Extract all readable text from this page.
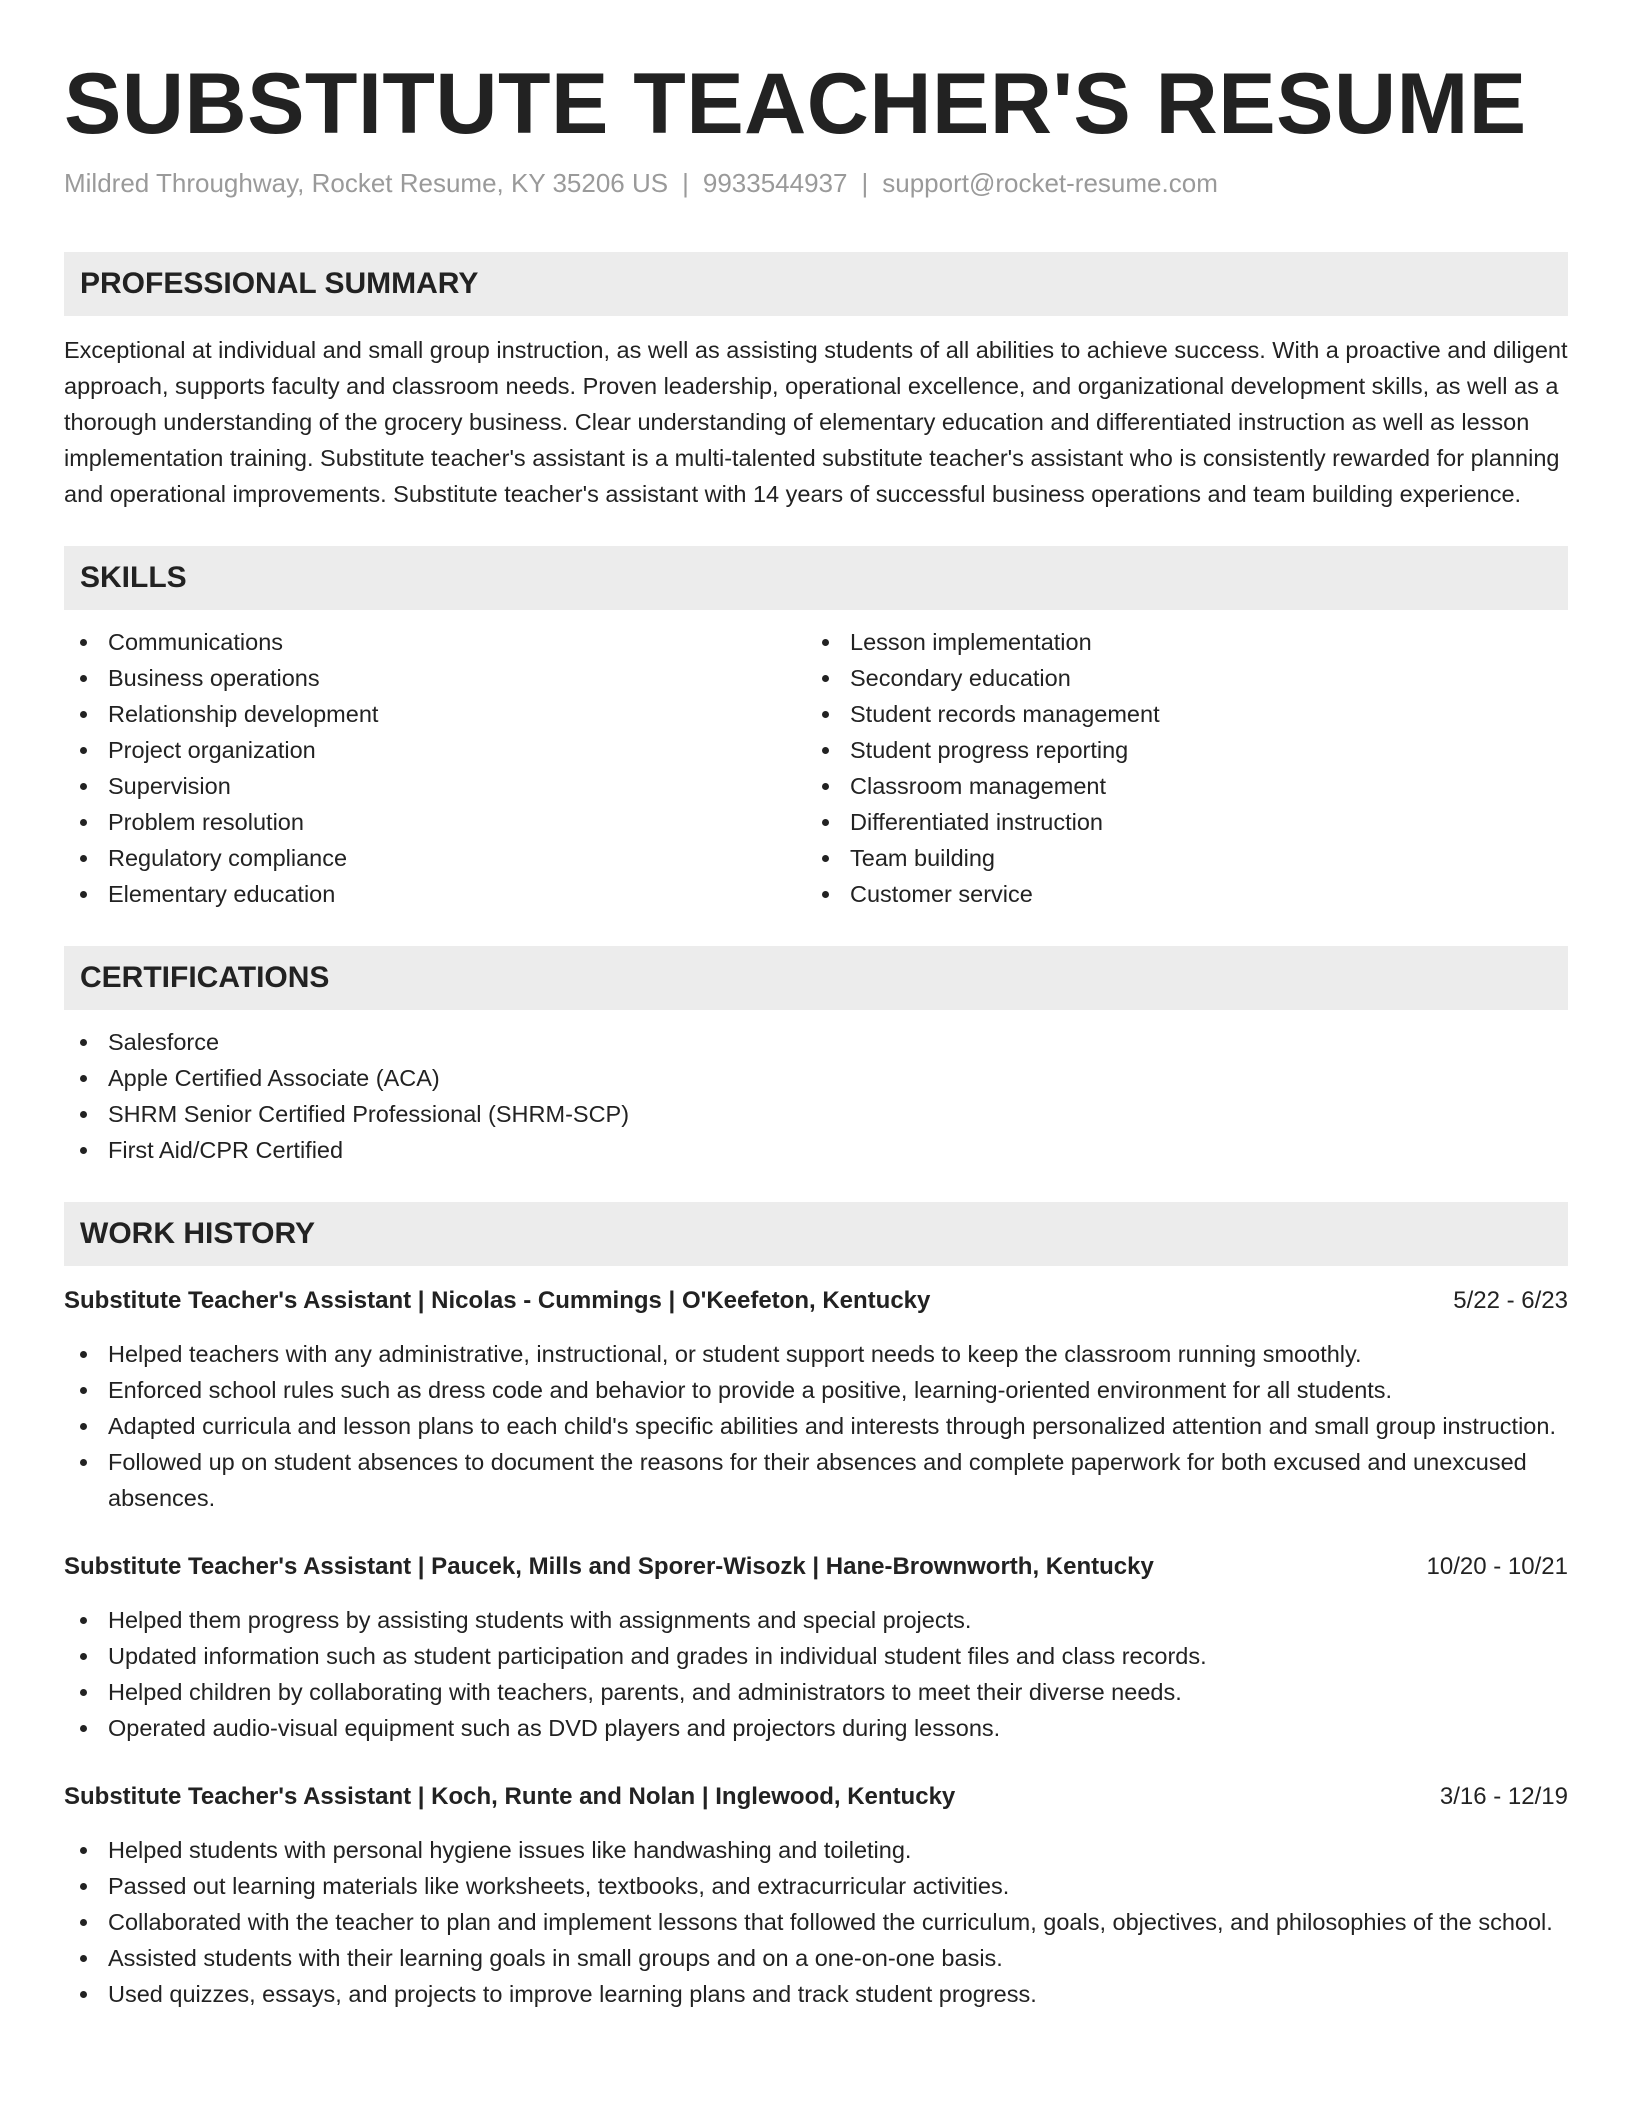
SUBSTITUTE TEACHER'S RESUME
Mildred Throughway, Rocket Resume, KY 35206 US | 9933544937 | support@rocket-resume.com
PROFESSIONAL SUMMARY

Exceptional at individual and small group instruction, as well as assisting students of all abilities to achieve success. With a proactive and diligent approach, supports faculty and classroom needs. Proven leadership, operational excellence, and organizational development skills, as well as a thorough understanding of the grocery business. Clear understanding of elementary education and differentiated instruction as well as lesson implementation training. Substitute teacher's assistant is a multi-talented substitute teacher's assistant who is consistently rewarded for planning and operational improvements. Substitute teacher's assistant with 14 years of successful business operations and team building experience.

SKILLS
Communications
Business operations
Relationship development
Project organization
Supervision
Problem resolution
Regulatory compliance
Elementary education
Lesson implementation
Secondary education
Student records management
Student progress reporting
Classroom management
Differentiated instruction
Team building
Customer service
CERTIFICATIONS
Salesforce
Apple Certified Associate (ACA)
SHRM Senior Certified Professional (SHRM-SCP)
First Aid/CPR Certified
WORK HISTORY
Substitute Teacher's Assistant | Nicolas - Cummings | O'Keefeton, Kentucky	5/22 - 6/23
Helped teachers with any administrative, instructional, or student support needs to keep the classroom running smoothly.
Enforced school rules such as dress code and behavior to provide a positive, learning-oriented environment for all students.
Adapted curricula and lesson plans to each child's specific abilities and interests through personalized attention and small group instruction.
Followed up on student absences to document the reasons for their absences and complete paperwork for both excused and unexcused absences.
Substitute Teacher's Assistant | Paucek, Mills and Sporer-Wisozk | Hane-Brownworth, Kentucky	10/20 - 10/21
Helped them progress by assisting students with assignments and special projects.
Updated information such as student participation and grades in individual student files and class records.
Helped children by collaborating with teachers, parents, and administrators to meet their diverse needs.
Operated audio-visual equipment such as DVD players and projectors during lessons.
Substitute Teacher's Assistant | Koch, Runte and Nolan | Inglewood, Kentucky	3/16 - 12/19
Helped students with personal hygiene issues like handwashing and toileting.
Passed out learning materials like worksheets, textbooks, and extracurricular activities.
Collaborated with the teacher to plan and implement lessons that followed the curriculum, goals, objectives, and philosophies of the school.
Assisted students with their learning goals in small groups and on a one-on-one basis.
Used quizzes, essays, and projects to improve learning plans and track student progress.
